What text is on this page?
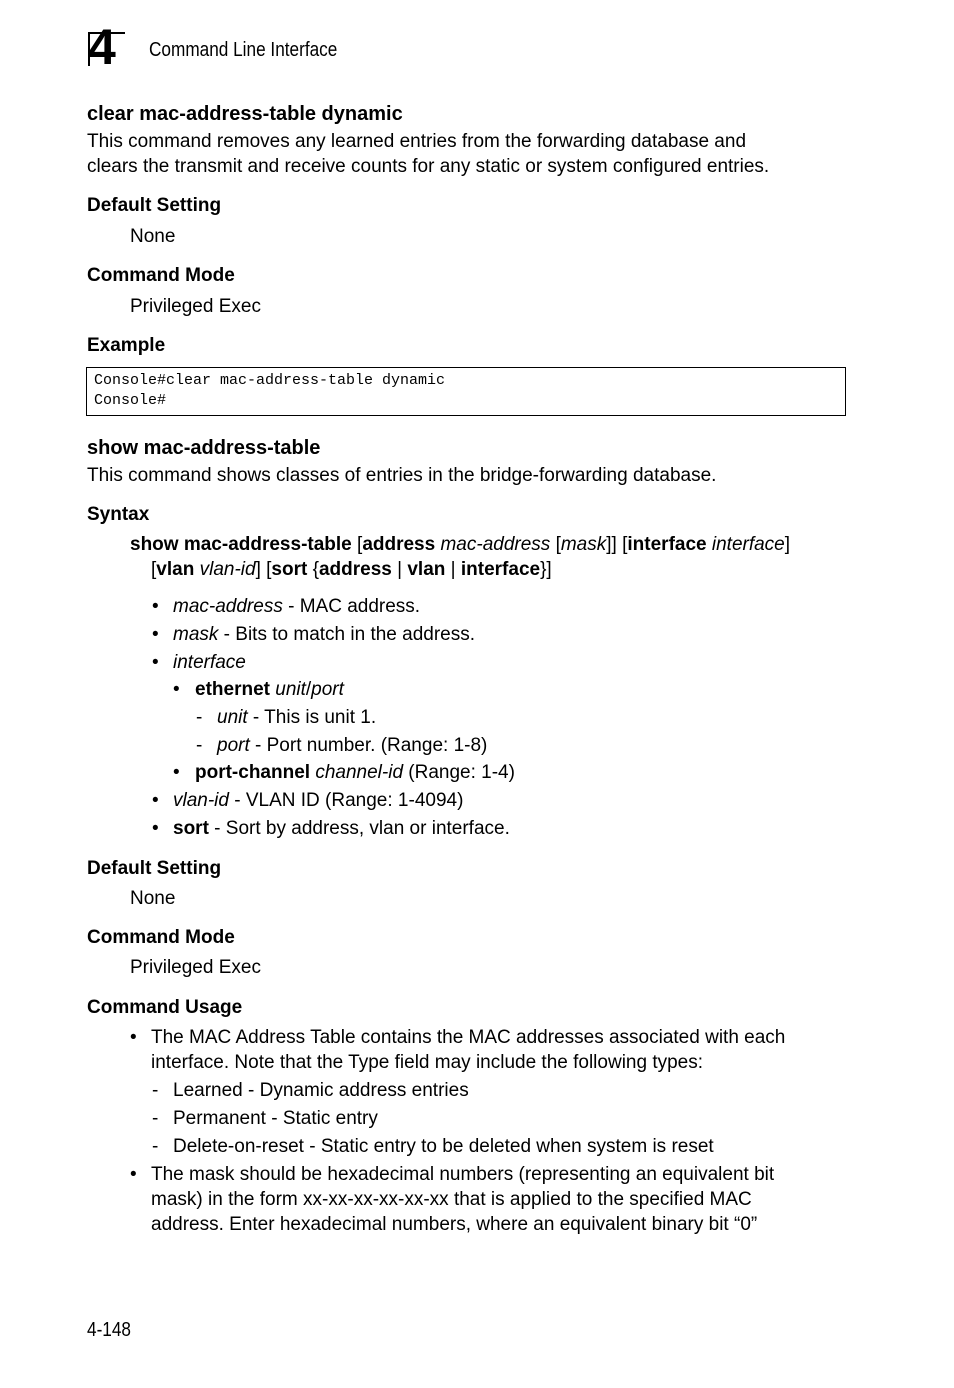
4 Command Line Interface
clear mac-address-table dynamic
This command removes any learned entries from the forwarding database and
clears the transmit and receive counts for any static or system configured entries.
Default Setting
None
Command Mode
Privileged Exec
Example
Console#clear mac-address-table dynamic
Console#
show mac-address-table
This command shows classes of entries in the bridge-forwarding database.
Syntax
show mac-address-table [address mac-address [mask]] [interface interface]
[vlan vlan-id] [sort {address | vlan | interface}]
• mac-address - MAC address.
• mask - Bits to match in the address.
• interface
• ethernet unit/port
- unit - This is unit 1.
- port - Port number. (Range: 1-8)
• port-channel channel-id (Range: 1-4)
• vlan-id - VLAN ID (Range: 1-4094)
• sort - Sort by address, vlan or interface.
Default Setting
None
Command Mode
Privileged Exec
Command Usage
• The MAC Address Table contains the MAC addresses associated with each
interface. Note that the Type field may include the following types:
- Learned - Dynamic address entries
- Permanent - Static entry
- Delete-on-reset - Static entry to be deleted when system is reset
• The mask should be hexadecimal numbers (representing an equivalent bit
mask) in the form xx-xx-xx-xx-xx-xx that is applied to the specified MAC
address. Enter hexadecimal numbers, where an equivalent binary bit “0”
4-148
